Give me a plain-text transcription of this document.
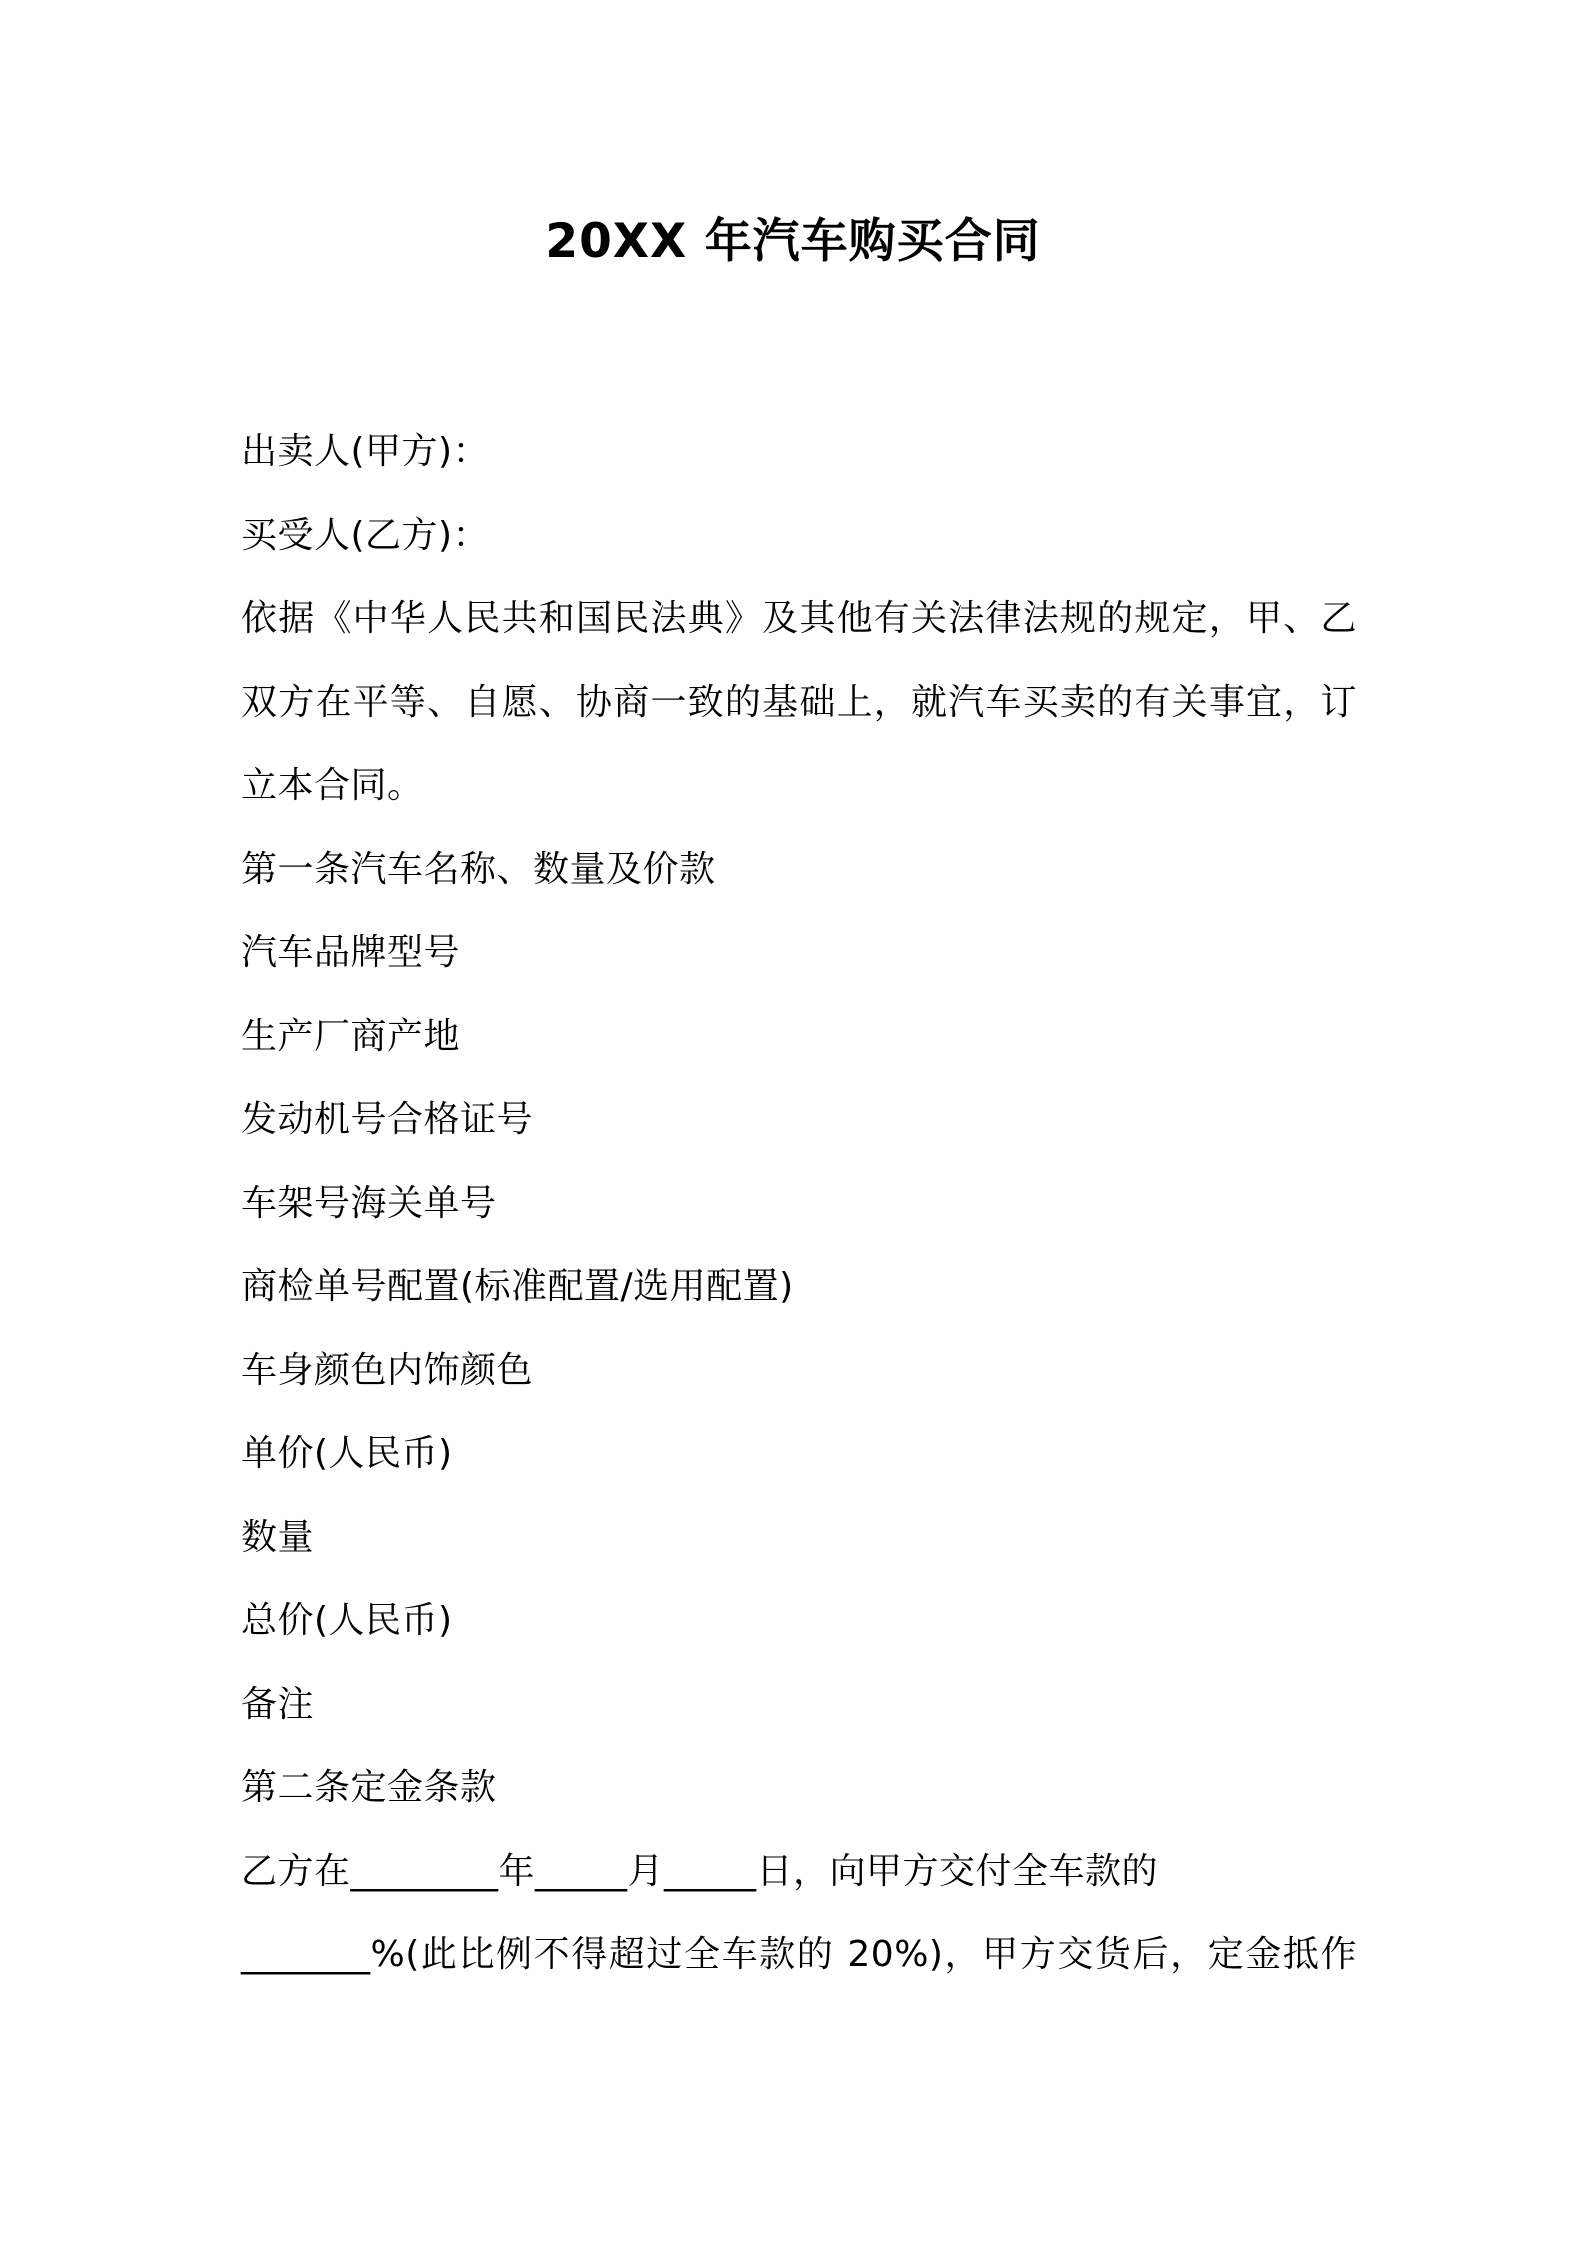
20XX 年汽车购买合同
出卖人(甲方)：
买受人(乙方)：
依据《中华人民共和国民法典》及其他有关法律法规的规定，甲、乙
双方在平等、自愿、协商一致的基础上，就汽车买卖的有关事宜，订
立本合同。
第一条汽车名称、数量及价款
汽车品牌型号
生产厂商产地
发动机号合格证号
车架号海关单号
商检单号配置(标准配置/选用配置)
车身颜色内饰颜色
单价(人民币)
数量
总价(人民币)
备注
第二条定金条款
乙方在________年_____月_____日，向甲方交付全车款的
_______%(此比例不得超过全车款的 20%)，甲方交货后，定金抵作
